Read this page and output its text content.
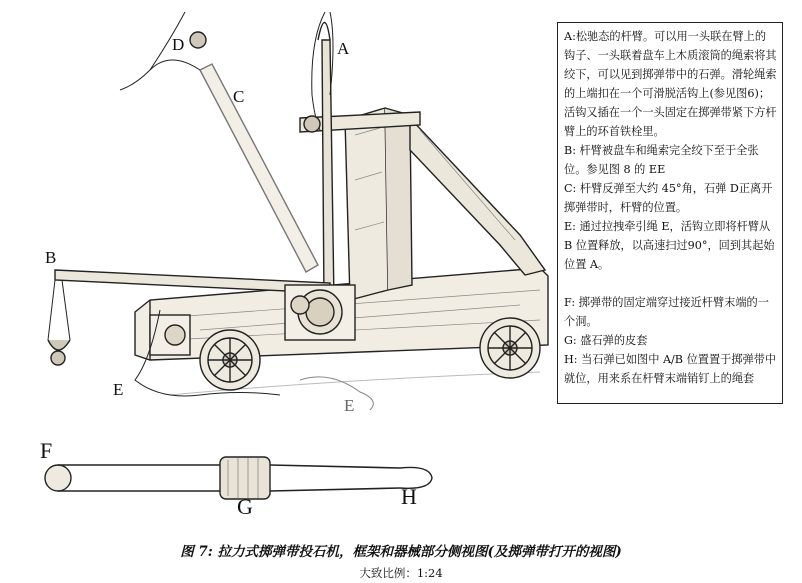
A
B
C
D
E
E
F
G	H

A:松驰态的杆臂。可以用一头联在臂上的钩子、一头联着盘车上木质滚筒的绳索将其绞下，可以见到掷弹带中的石弹。滑轮绳索的上端扣在一个可滑脱活钩上(参见图6)；活钩又插在一个一头固定在掷弹带紧下方杆臂上的环首铁栓里。

B: 杆臂被盘车和绳索完全绞下至于全张位。参见图 8 的 EE

C: 杆臂反弹至大约 45°角，石弹 D正离开掷弹带时，杆臂的位置。

E: 通过拉拽牵引绳 E，活钩立即将杆臂从 B 位置释放，以高速扫过90°，回到其起始位置 A。

F: 掷弹带的固定端穿过接近杆臂末端的一个洞。

G: 盛石弹的皮套

H: 当石弹已如图中 A/B 位置置于掷弹带中就位，用来系在杆臂末端销钉上的绳套

图 7: 拉力式掷弹带投石机，框架和器械部分侧视图(及掷弹带打开的视图)
大致比例：1:24
